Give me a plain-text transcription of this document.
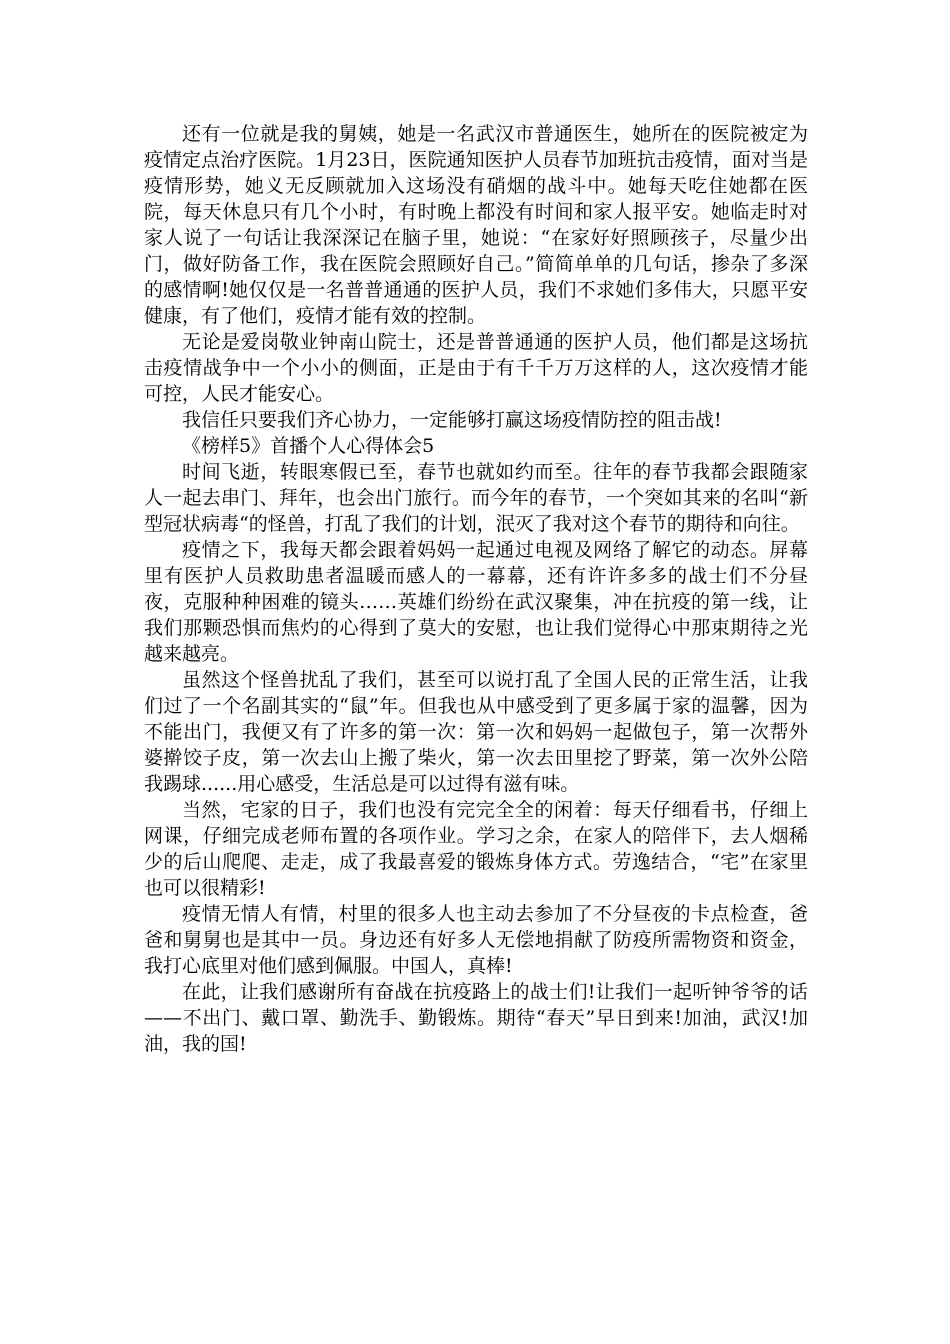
还有一位就是我的舅姨，她是一名武汉市普通医生，她所在的医院被定为疫情定点治疗医院。1月23日，医院通知医护人员春节加班抗击疫情，面对当是疫情形势，她义无反顾就加入这场没有硝烟的战斗中。她每天吃住她都在医院，每天休息只有几个小时，有时晚上都没有时间和家人报平安。她临走时对家人说了一句话让我深深记在脑子里，她说：“在家好好照顾孩子，尽量少出门，做好防备工作，我在医院会照顾好自己。”简简单单的几句话，掺杂了多深的感情啊!她仅仅是一名普普通通的医护人员，我们不求她们多伟大，只愿平安健康，有了他们，疫情才能有效的控制。

无论是爱岗敬业钟南山院士，还是普普通通的医护人员，他们都是这场抗击疫情战争中一个小小的侧面，正是由于有千千万万这样的人，这次疫情才能可控，人民才能安心。

我信任只要我们齐心协力，一定能够打赢这场疫情防控的阻击战!

《榜样5》首播个人心得体会5

时间飞逝，转眼寒假已至，春节也就如约而至。往年的春节我都会跟随家人一起去串门、拜年，也会出门旅行。而今年的春节，一个突如其来的名叫“新型冠状病毒“的怪兽，打乱了我们的计划，泯灭了我对这个春节的期待和向往。

疫情之下，我每天都会跟着妈妈一起通过电视及网络了解它的动态。屏幕里有医护人员救助患者温暖而感人的一幕幕，还有许许多多的战士们不分昼夜，克服种种困难的镜头……英雄们纷纷在武汉聚集，冲在抗疫的第一线，让我们那颗恐惧而焦灼的心得到了莫大的安慰，也让我们觉得心中那束期待之光越来越亮。

虽然这个怪兽扰乱了我们，甚至可以说打乱了全国人民的正常生活，让我们过了一个名副其实的“鼠”年。但我也从中感受到了更多属于家的温馨，因为不能出门，我便又有了许多的第一次：第一次和妈妈一起做包子，第一次帮外婆擀饺子皮，第一次去山上搬了柴火，第一次去田里挖了野菜，第一次外公陪我踢球......用心感受，生活总是可以过得有滋有味。

当然，宅家的日子，我们也没有完完全全的闲着：每天仔细看书，仔细上网课，仔细完成老师布置的各项作业。学习之余，在家人的陪伴下，去人烟稀少的后山爬爬、走走，成了我最喜爱的锻炼身体方式。劳逸结合，“宅”在家里也可以很精彩!

疫情无情人有情，村里的很多人也主动去参加了不分昼夜的卡点检查，爸爸和舅舅也是其中一员。身边还有好多人无偿地捐献了防疫所需物资和资金，我打心底里对他们感到佩服。中国人，真棒!

在此，让我们感谢所有奋战在抗疫路上的战士们!让我们一起听钟爷爷的话——不出门、戴口罩、勤洗手、勤锻炼。期待“春天”早日到来!加油，武汉!加油，我的国!
